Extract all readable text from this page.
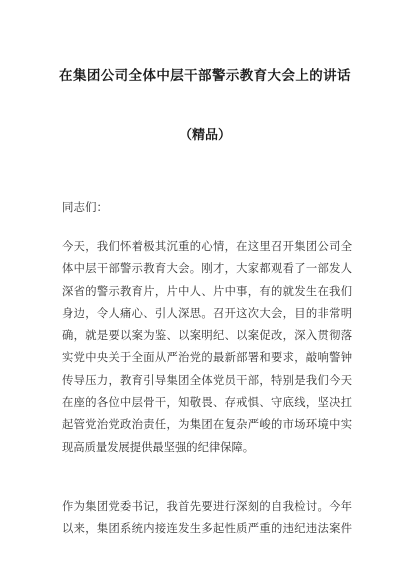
在集团公司全体中层干部警示教育大会上的讲话
（精品）
同志们：
今天，我们怀着极其沉重的心情，在这里召开集团公司全
体中层干部警示教育大会。刚才，大家都观看了一部发人
深省的警示教育片，片中人、片中事，有的就发生在我们
身边，令人痛心、引人深思。召开这次大会，目的非常明
确，就是要以案为鉴、以案明纪、以案促改，深入贯彻落
实党中央关于全面从严治党的最新部署和要求，敲响警钟
传导压力，教育引导集团全体党员干部，特别是我们今天
在座的各位中层骨干，知敬畏、存戒惧、守底线，坚决扛
起管党治党政治责任，为集团在复杂严峻的市场环境中实
现高质量发展提供最坚强的纪律保障。
作为集团党委书记，我首先要进行深刻的自我检讨。今年
以来，集团系统内接连发生多起性质严重的违纪违法案件
